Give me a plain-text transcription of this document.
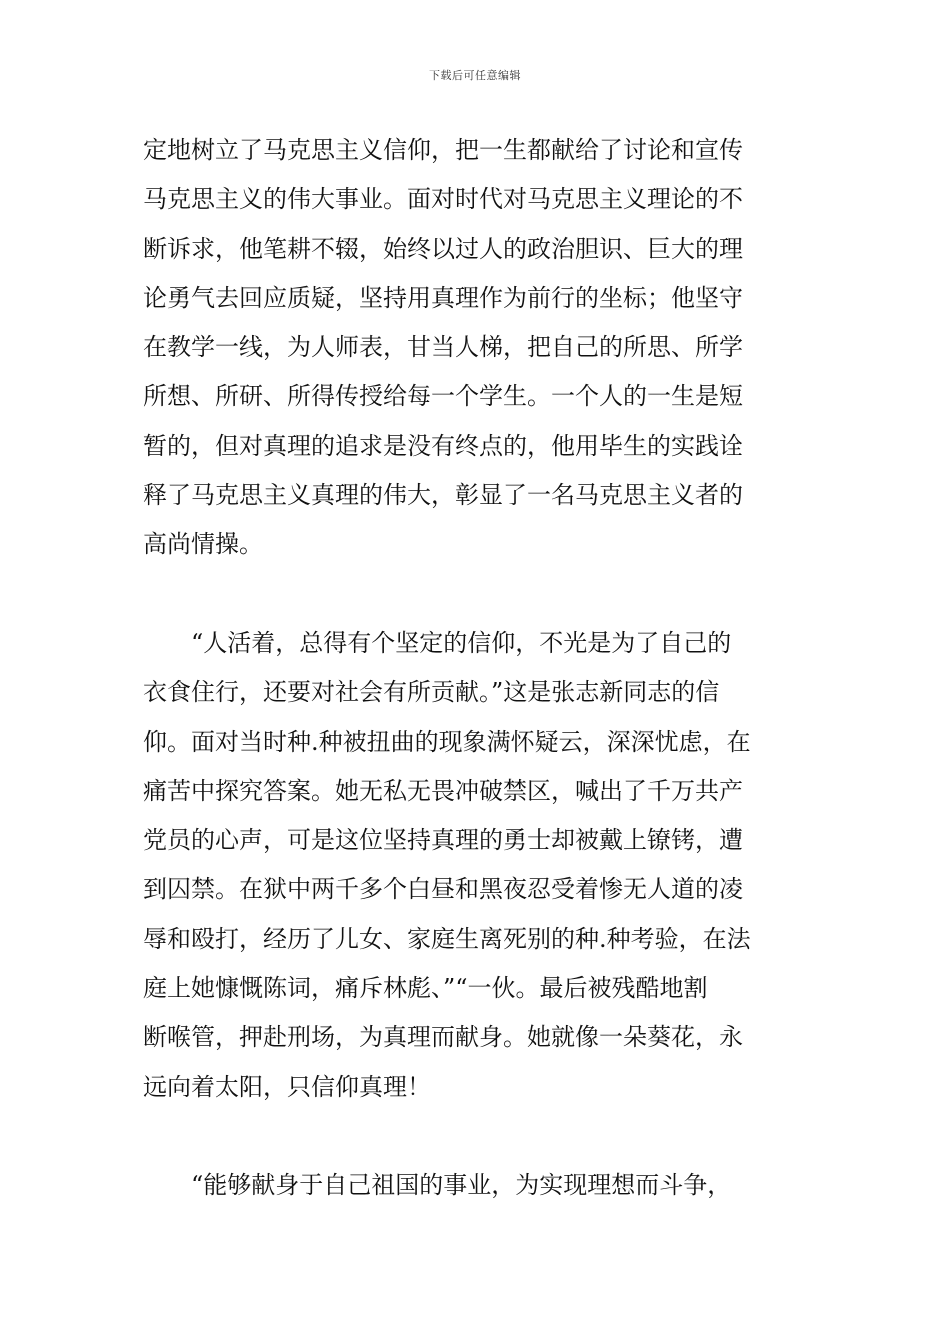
下载后可任意编辑
定地树立了马克思主义信仰，把一生都献给了讨论和宣传
马克思主义的伟大事业。面对时代对马克思主义理论的不
断诉求，他笔耕不辍，始终以过人的政治胆识、巨大的理
论勇气去回应质疑，坚持用真理作为前行的坐标；他坚守
在教学一线，为人师表，甘当人梯，把自己的所思、所学
所想、所研、所得传授给每一个学生。一个人的一生是短
暂的，但对真理的追求是没有终点的，他用毕生的实践诠
释了马克思主义真理的伟大，彰显了一名马克思主义者的
高尚情操。
　　“人活着，总得有个坚定的信仰，不光是为了自己的
衣食住行，还要对社会有所贡献。”这是张志新同志的信
仰。面对当时种.种被扭曲的现象满怀疑云，深深忧虑，在
痛苦中探究答案。她无私无畏冲破禁区，喊出了千万共产
党员的心声，可是这位坚持真理的勇士却被戴上镣铐，遭
到囚禁。在狱中两千多个白昼和黑夜忍受着惨无人道的凌
辱和殴打，经历了儿女、家庭生离死别的种.种考验，在法
庭上她慷慨陈词，痛斥林彪、”“一伙。最后被残酷地割
断喉管，押赴刑场，为真理而献身。她就像一朵葵花，永
远向着太阳，只信仰真理！
　　“能够献身于自己祖国的事业，为实现理想而斗争，
